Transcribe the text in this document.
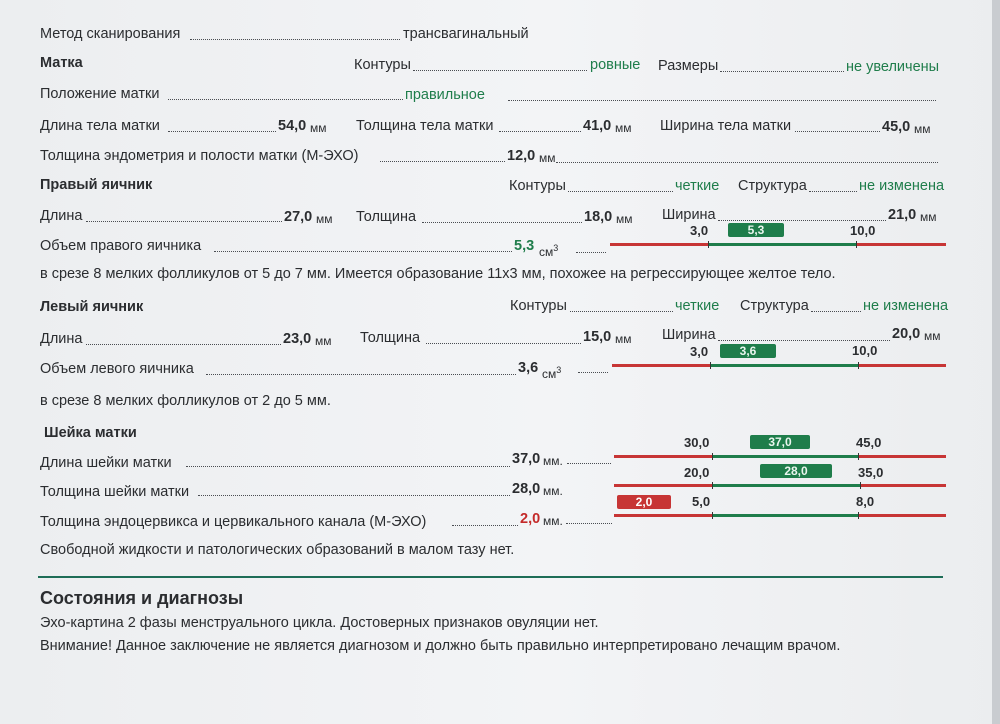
Метод сканирования	трансвагинальный
Матка	Контуры	ровные Размеры	не увеличены
Положение матки	правильное
Длина тела матки	54,0 мм Толщина тела матки	41,0 мм Ширина тела матки	45,0 мм
Толщина эндометрия и полости матки (М-ЭХО)	12,0 мм
Правый яичник	Контуры	четкие Структура	не изменена
Длина	27,0 мм Толщина	18,0 мм Ширина	21,0 мм
Объем правого яичника	5,3 $см^3$
3,0	10,0
5,3
в срезе 8 мелких фолликулов от 5 до 7 мм. Имеется образование 11х3 мм, похожее на регрессирующее желтое тело.
Левый яичник	Контуры	четкие Структура	не изменена
Длина	23,0 мм Толщина	15,0 мм Ширина	20,0 мм
Объем левого яичника	3,6 $см^3$
3,0	3,6	10,0
в срезе 8 мелких фолликулов от 2 до 5 мм.
Шейка матки
Длина шейки матки	37,0 мм.
30,0	37,0	45,0
Толщина шейки матки	28,0 мм.
20,0	28,0	35,0
Толщина эндоцервикса и цервикального канала (М-ЭХО)	2,0 мм.
2,0	5,0	8,0
Свободной жидкости и патологических образований в малом тазу нет.
Состояния и диагнозы
Эхо-картина 2 фазы менструального цикла. Достоверных признаков овуляции нет.
Внимание! Данное заключение не является диагнозом и должно быть правильно интерпретировано лечащим врачом.
